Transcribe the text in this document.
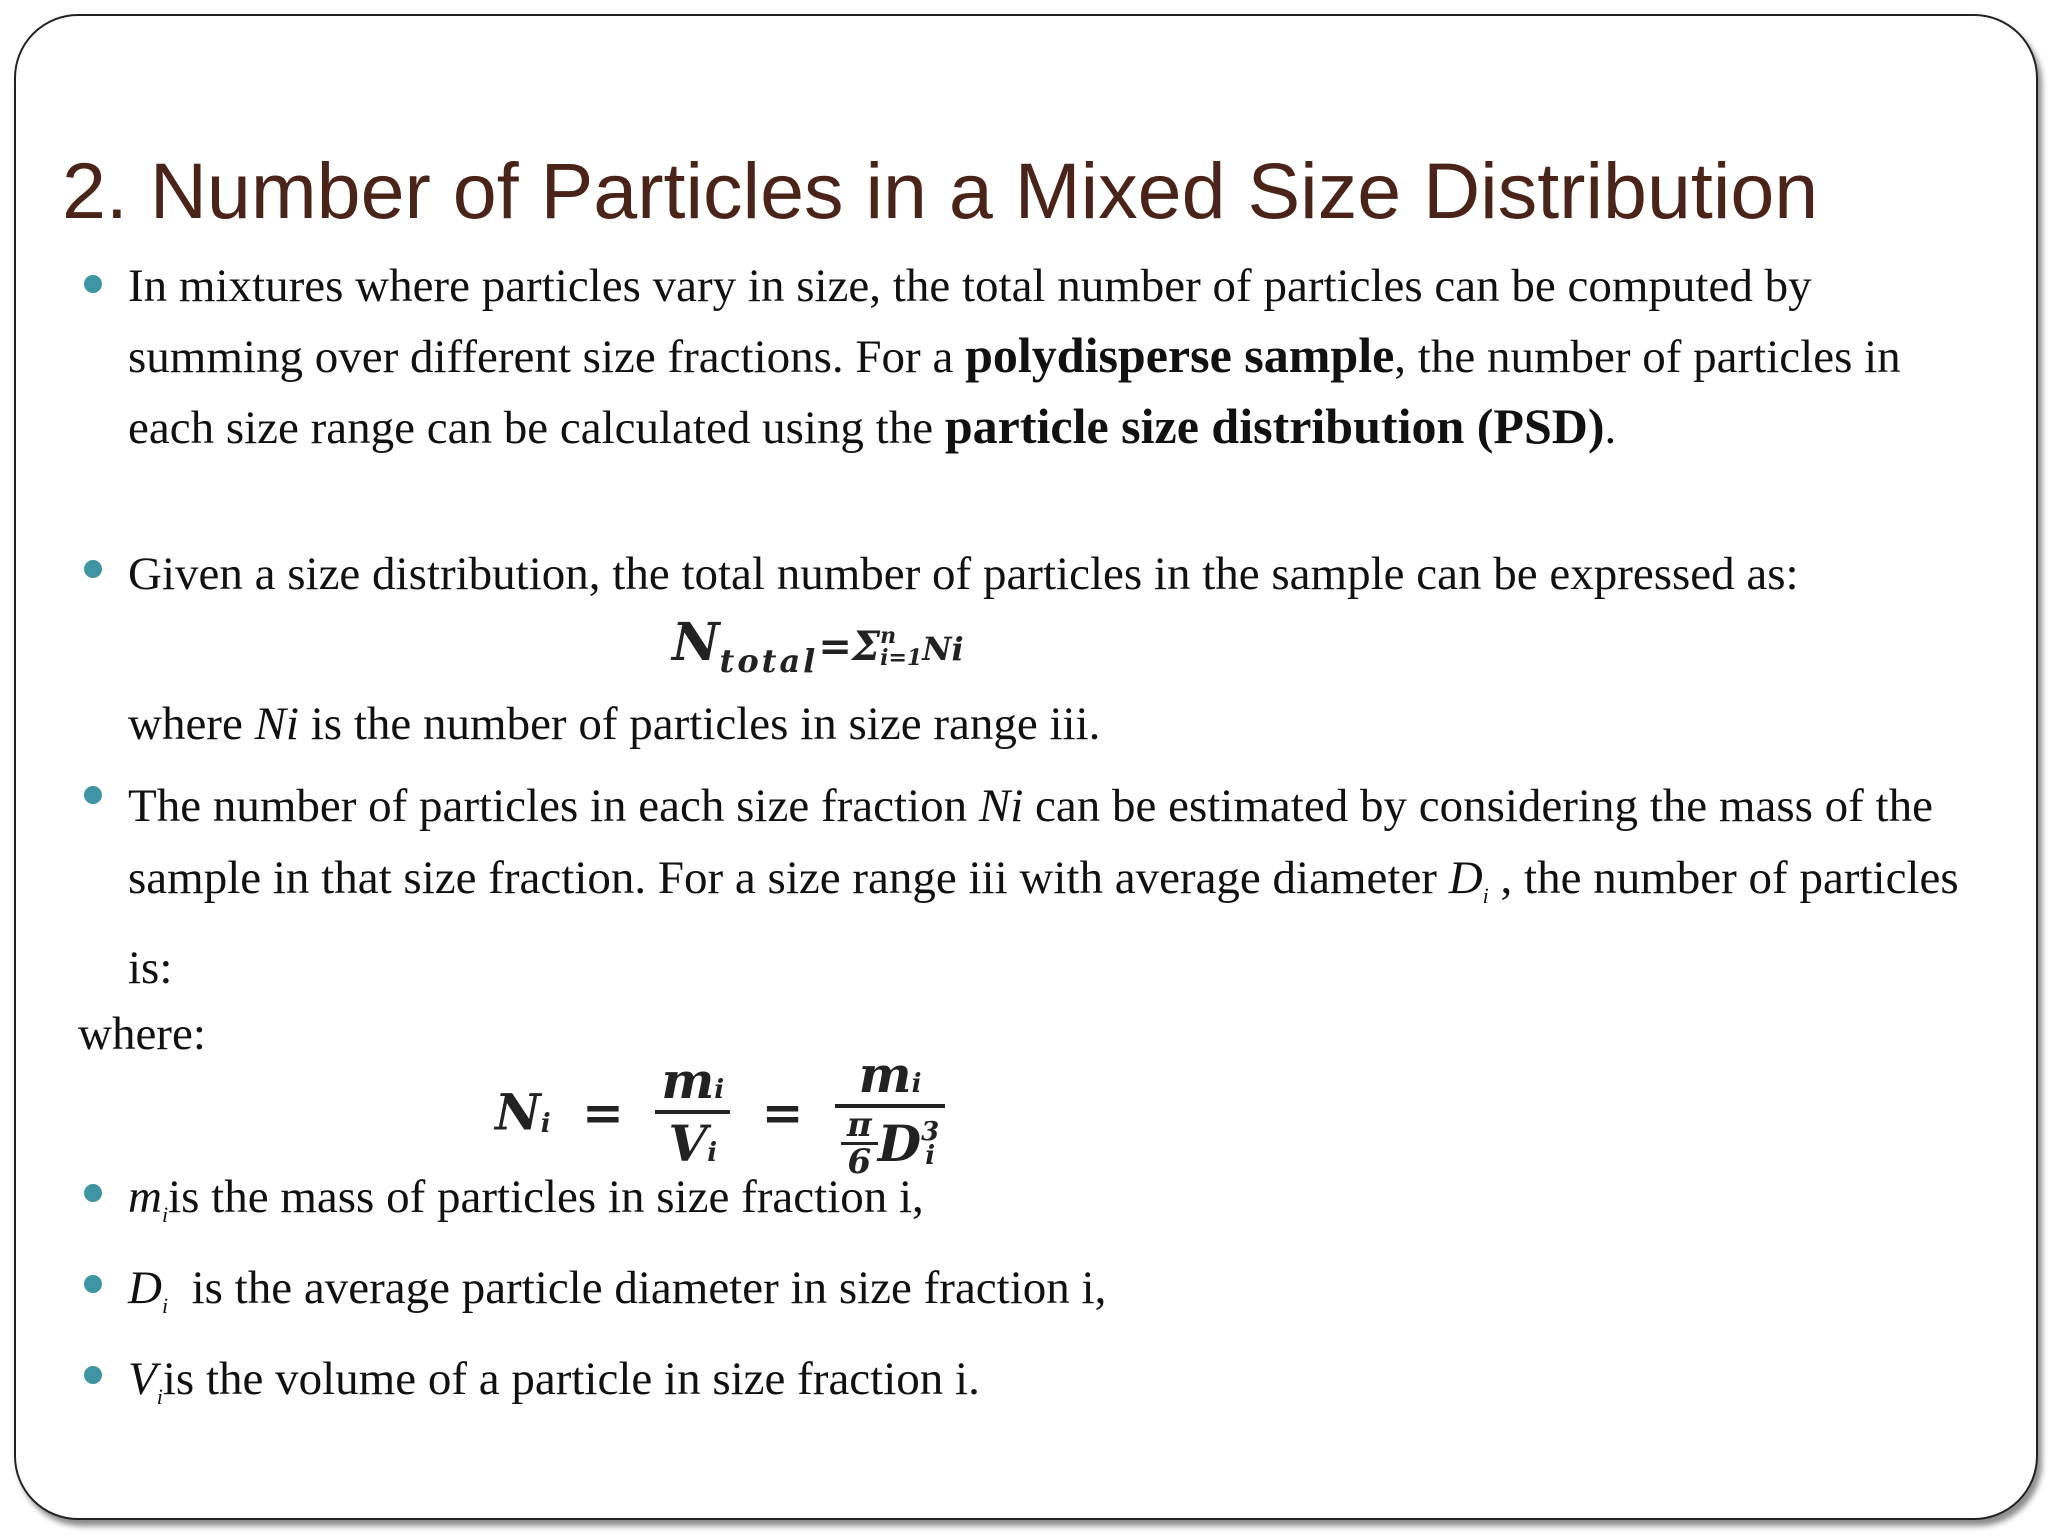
2. Number of Particles in a Mixed Size Distribution
In mixtures where particles vary in size, the total number of particles can be computed by summing over different size fractions. For a polydisperse sample, the number of particles in each size range can be calculated using the particle size distribution (PSD).
Given a size distribution, the total number of particles in the sample can be expressed as:
$N_{total}=\Sigma$ n
i=1 Ni
where Ni is the number of particles in size range iii.
The number of particles in each size fraction Ni can be estimated by considering the mass of the sample in that size fraction. For a size range iii with average diameter $D_i$ , the number of particles is:
where:
$N_i = \frac{mi}{Vi}$ = mi
$\frac{\pi}{6}$ D 3
i
$m_iis$ the mass of particles in size fraction i,
$D_i$  is the average particle diameter in size fraction i,
$V_iis$ the volume of a particle in size fraction i.
